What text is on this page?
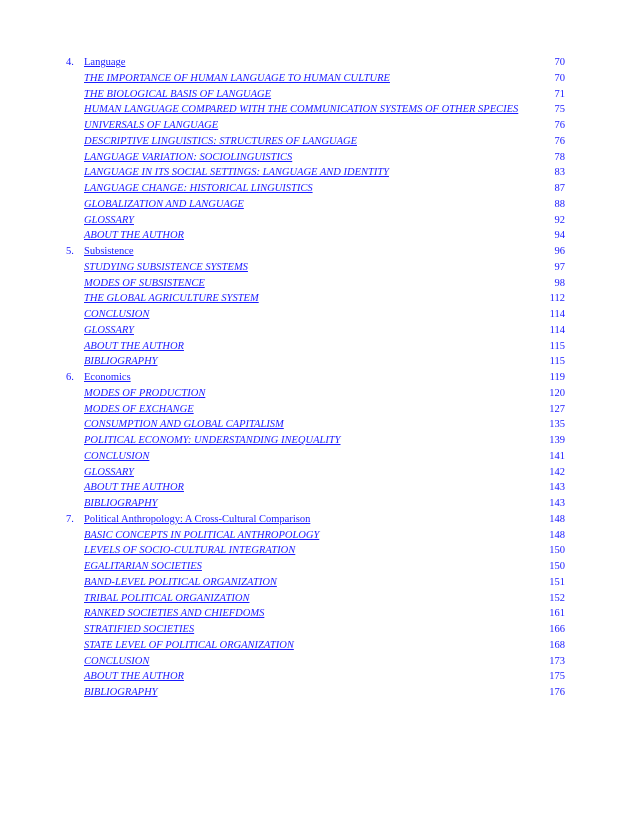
4. Language	70
THE IMPORTANCE OF HUMAN LANGUAGE TO HUMAN CULTURE	70
THE BIOLOGICAL BASIS OF LANGUAGE	71
HUMAN LANGUAGE COMPARED WITH THE COMMUNICATION SYSTEMS OF OTHER SPECIES	75
UNIVERSALS OF LANGUAGE	76
DESCRIPTIVE LINGUISTICS: STRUCTURES OF LANGUAGE	76
LANGUAGE VARIATION: SOCIOLINGUISTICS	78
LANGUAGE IN ITS SOCIAL SETTINGS: LANGUAGE AND IDENTITY	83
LANGUAGE CHANGE: HISTORICAL LINGUISTICS	87
GLOBALIZATION AND LANGUAGE	88
GLOSSARY	92
ABOUT THE AUTHOR	94
5. Subsistence	96
STUDYING SUBSISTENCE SYSTEMS	97
MODES OF SUBSISTENCE	98
THE GLOBAL AGRICULTURE SYSTEM	112
CONCLUSION	114
GLOSSARY	114
ABOUT THE AUTHOR	115
BIBLIOGRAPHY	115
6. Economics	119
MODES OF PRODUCTION	120
MODES OF EXCHANGE	127
CONSUMPTION AND GLOBAL CAPITALISM	135
POLITICAL ECONOMY: UNDERSTANDING INEQUALITY	139
CONCLUSION	141
GLOSSARY	142
ABOUT THE AUTHOR	143
BIBLIOGRAPHY	143
7. Political Anthropology: A Cross-Cultural Comparison	148
BASIC CONCEPTS IN POLITICAL ANTHROPOLOGY	148
LEVELS OF SOCIO-CULTURAL INTEGRATION	150
EGALITARIAN SOCIETIES	150
BAND-LEVEL POLITICAL ORGANIZATION	151
TRIBAL POLITICAL ORGANIZATION	152
RANKED SOCIETIES AND CHIEFDOMS	161
STRATIFIED SOCIETIES	166
STATE LEVEL OF POLITICAL ORGANIZATION	168
CONCLUSION	173
ABOUT THE AUTHOR	175
BIBLIOGRAPHY	176
